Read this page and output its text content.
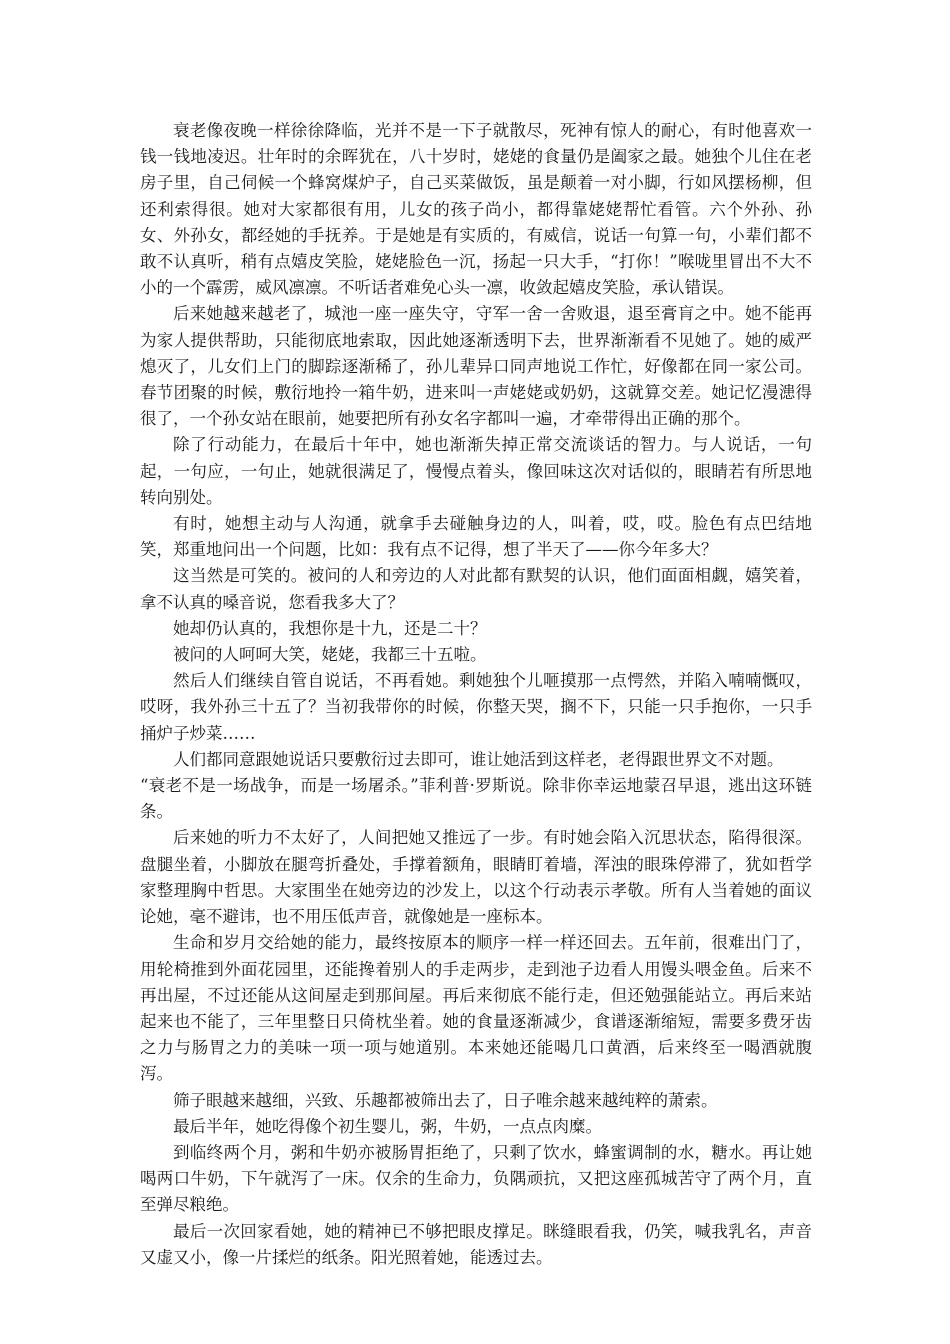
衰老像夜晚一样徐徐降临，光并不是一下子就散尽，死神有惊人的耐心，有时他喜欢一钱一钱地凌迟。壮年时的余晖犹在，八十岁时，姥姥的食量仍是阖家之最。她独个儿住在老房子里，自己伺候一个蜂窝煤炉子，自己买菜做饭，虽是颠着一对小脚，行如风摆杨柳，但还利索得很。她对大家都很有用，儿女的孩子尚小，都得靠姥姥帮忙看管。六个外孙、孙女、外孙女，都经她的手抚养。于是她是有实质的，有威信，说话一句算一句，小辈们都不敢不认真听，稍有点嬉皮笑脸，姥姥脸色一沉，扬起一只大手，“打你！”喉咙里冒出不大不小的一个霹雳，威风凛凛。不听话者难免心头一凛，收敛起嬉皮笑脸，承认错误。

后来她越来越老了，城池一座一座失守，守军一舍一舍败退，退至膏肓之中。她不能再为家人提供帮助，只能彻底地索取，因此她逐渐透明下去，世界渐渐看不见她了。她的威严熄灭了，儿女们上门的脚踪逐渐稀了，孙儿辈异口同声地说工作忙，好像都在同一家公司。春节团聚的时候，敷衍地拎一箱牛奶，进来叫一声姥姥或奶奶，这就算交差。她记忆漫漶得很了，一个孙女站在眼前，她要把所有孙女名字都叫一遍，才牵带得出正确的那个。

除了行动能力，在最后十年中，她也渐渐失掉正常交流谈话的智力。与人说话，一句起，一句应，一句止，她就很满足了，慢慢点着头，像回味这次对话似的，眼睛若有所思地转向别处。

有时，她想主动与人沟通，就拿手去碰触身边的人，叫着，哎，哎。脸色有点巴结地笑，郑重地问出一个问题，比如：我有点不记得，想了半天了——你今年多大？

这当然是可笑的。被问的人和旁边的人对此都有默契的认识，他们面面相觑，嬉笑着，拿不认真的嗓音说，您看我多大了？

她却仍认真的，我想你是十九，还是二十？

被问的人呵呵大笑，姥姥，我都三十五啦。

然后人们继续自管自说话，不再看她。剩她独个儿咂摸那一点愕然，并陷入喃喃慨叹，哎呀，我外孙三十五了？当初我带你的时候，你整天哭，搁不下，只能一只手抱你，一只手捅炉子炒菜……

人们都同意跟她说话只要敷衍过去即可，谁让她活到这样老，老得跟世界文不对题。

“衰老不是一场战争，而是一场屠杀。”菲利普·罗斯说。除非你幸运地蒙召早退，逃出这环链条。

后来她的听力不太好了，人间把她又推远了一步。有时她会陷入沉思状态，陷得很深。盘腿坐着，小脚放在腿弯折叠处，手撑着额角，眼睛盯着墙，浑浊的眼珠停滞了，犹如哲学家整理胸中哲思。大家围坐在她旁边的沙发上，以这个行动表示孝敬。所有人当着她的面议论她，毫不避讳，也不用压低声音，就像她是一座标本。

生命和岁月交给她的能力，最终按原本的顺序一样一样还回去。五年前，很难出门了，用轮椅推到外面花园里，还能搀着别人的手走两步，走到池子边看人用馒头喂金鱼。后来不再出屋，不过还能从这间屋走到那间屋。再后来彻底不能行走，但还勉强能站立。再后来站起来也不能了，三年里整日只倚枕坐着。她的食量逐渐减少，食谱逐渐缩短，需要多费牙齿之力与肠胃之力的美味一项一项与她道别。本来她还能喝几口黄酒，后来终至一喝酒就腹泻。

筛子眼越来越细，兴致、乐趣都被筛出去了，日子唯余越来越纯粹的萧索。

最后半年，她吃得像个初生婴儿，粥，牛奶，一点点肉糜。

到临终两个月，粥和牛奶亦被肠胃拒绝了，只剩了饮水，蜂蜜调制的水，糖水。再让她喝两口牛奶，下午就泻了一床。仅余的生命力，负隅顽抗，又把这座孤城苦守了两个月，直至弹尽粮绝。

最后一次回家看她，她的精神已不够把眼皮撑足。眯缝眼看我，仍笑，喊我乳名，声音又虚又小，像一片揉烂的纸条。阳光照着她，能透过去。
